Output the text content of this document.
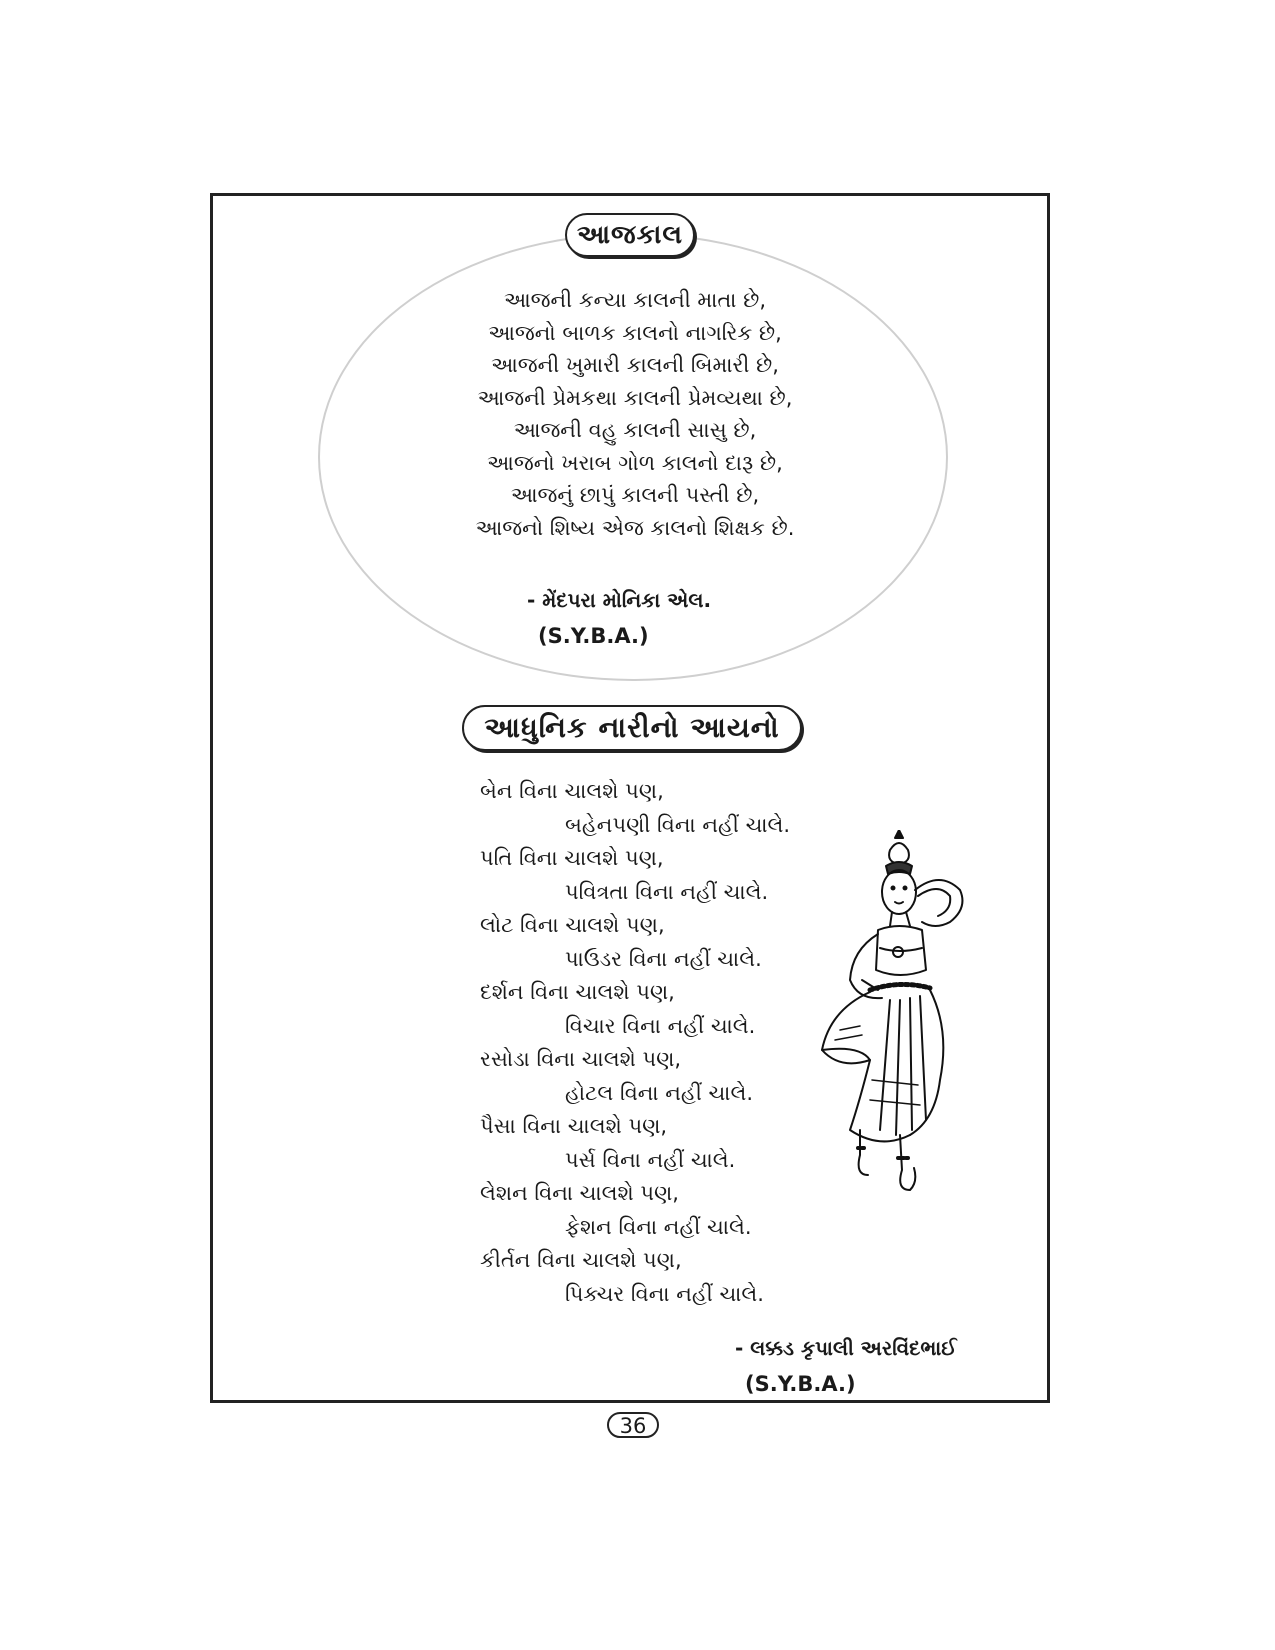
આજકાલ
આજની કન્યા કાલની માતા છે,
આજનો બાળક કાલનો નાગરિક છે,
આજની ખુમારી કાલની બિમારી છે,
આજની પ્રેમકથા કાલની પ્રેમવ્યથા છે,
આજની વહુ કાલની સાસુ છે,
આજનો ખરાબ ગોળ કાલનો દારૂ છે,
આજનું છાપું કાલની પસ્તી છે,
આજનો શિષ્ય એજ કાલનો શિક્ષક છે.
- મેંદપરા મોનિકા એલ.
(S.Y.B.A.)
આધુનિક નારીનો આયનો
બેન વિના ચાલશે પણ,
બહેનપણી વિના નહીં ચાલે.
પતિ વિના ચાલશે પણ,
પવિત્રતા વિના નહીં ચાલે.
લોટ વિના ચાલશે પણ,
પાઉડર વિના નહીં ચાલે.
દર્શન વિના ચાલશે પણ,
વિચાર વિના નહીં ચાલે.
રસોડા વિના ચાલશે પણ,
હોટલ વિના નહીં ચાલે.
પૈસા વિના ચાલશે પણ,
પર્સ વિના નહીં ચાલે.
લેશન વિના ચાલશે પણ,
ફેશન વિના નહીં ચાલે.
કીર્તન વિના ચાલશે પણ,
પિક્ચર વિના નહીં ચાલે.
- લક્કડ કૃપાલી અરવિંદભાઈ
(S.Y.B.A.)
36
